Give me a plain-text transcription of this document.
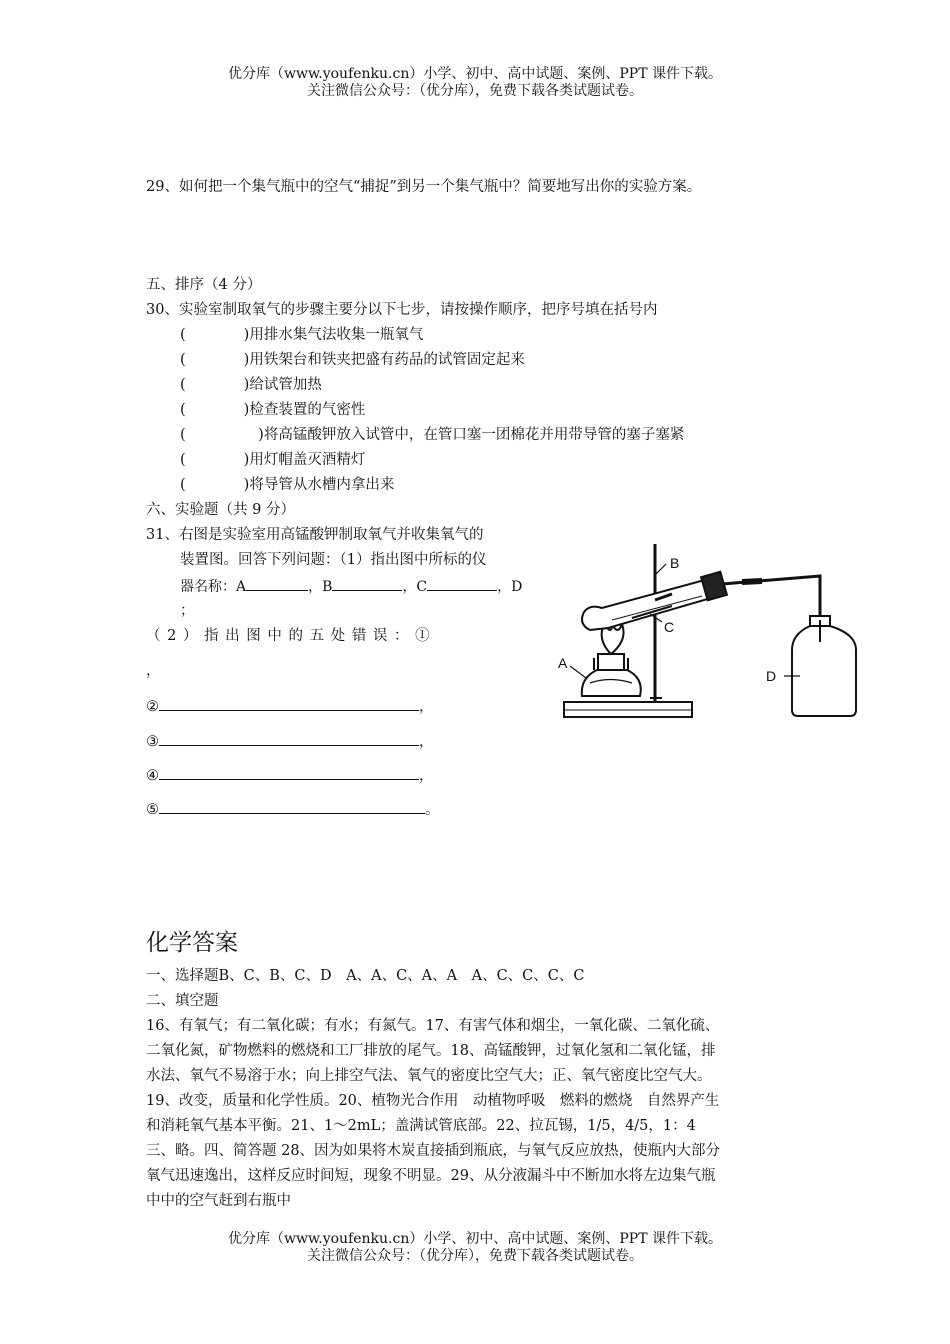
优分库（www.youfenku.cn）小学、初中、高中试题、案例、PPT 课件下载。
关注微信公众号：（优分库），免费下载各类试题试卷。
29、如何把一个集气瓶中的空气“捕捉”到另一个集气瓶中？简要地写出你的实验方案。
五、排序（4 分）
30、实验室制取氧气的步骤主要分以下七步，请按操作顺序，把序号填在括号内
(　　　　)用排水集气法收集一瓶氧气
(　　　　)用铁架台和铁夹把盛有药品的试管固定起来
(　　　　)给试管加热
(　　　　)检查装置的气密性
(　　　　　)将高锰酸钾放入试管中，在管口塞一团棉花并用带导管的塞子塞紧
(　　　　)用灯帽盖灭酒精灯
(　　　　)将导管从水槽内拿出来
六、实验题（共 9 分）
31、右图是实验室用高锰酸钾制取氧气并收集氧气的
装置图。回答下列问题：（1）指出图中所标的仪
器名称：A	，B	，C	，D
；
（ 2 ） 指 出 图 中 的 五 处 错 误 ： ①
，
②	，
③	，
④	，
⑤	。
A
B
C
D
化学答案
一、选择题B、C、B、C、D　A、A、C、A、A　A、C、C、C、C
二、填空题
16、有氧气；有二氧化碳；有水；有氮气。17、有害气体和烟尘，一氧化碳、二氧化硫、
二氧化氮，矿物燃料的燃烧和工厂排放的尾气。18、高锰酸钾，过氧化氢和二氧化锰，排
水法、氧气不易溶于水；向上排空气法、氧气的密度比空气大；正、氧气密度比空气大。
19、改变，质量和化学性质。20、植物光合作用　动植物呼吸　燃料的燃烧　自然界产生
和消耗氧气基本平衡。21、1～2mL；盖满试管底部。22、拉瓦锡，1/5，4/5，1：4
三、略。四、简答题 28、因为如果将木炭直接插到瓶底，与氧气反应放热，使瓶内大部分
氧气迅速逸出，这样反应时间短，现象不明显。29、从分液漏斗中不断加水将左边集气瓶
中中的空气赶到右瓶中
优分库（www.youfenku.cn）小学、初中、高中试题、案例、PPT 课件下载。
关注微信公众号：（优分库），免费下载各类试题试卷。
